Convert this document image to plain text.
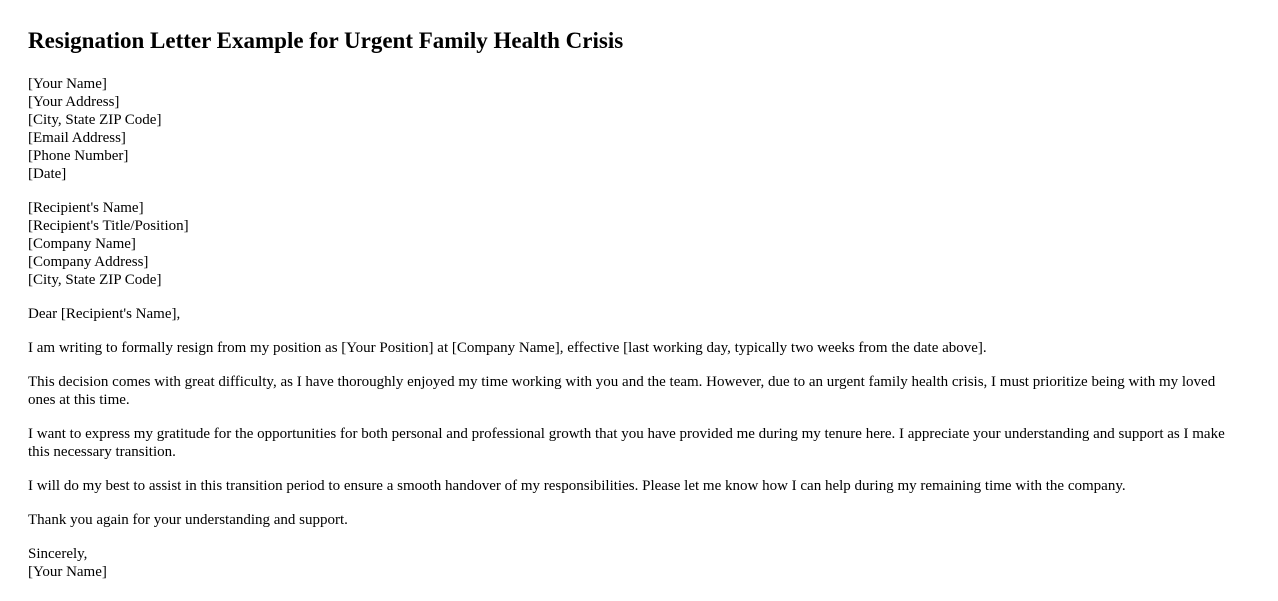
Resignation Letter Example for Urgent Family Health Crisis
[Your Name]
[Your Address]
[City, State ZIP Code]
[Email Address]
[Phone Number]
[Date]
[Recipient's Name]
[Recipient's Title/Position]
[Company Name]
[Company Address]
[City, State ZIP Code]

Dear [Recipient's Name],

I am writing to formally resign from my position as [Your Position] at [Company Name], effective [last working day, typically two weeks from the date above].

This decision comes with great difficulty, as I have thoroughly enjoyed my time working with you and the team. However, due to an urgent family health crisis, I must prioritize being with my loved ones at this time.

I want to express my gratitude for the opportunities for both personal and professional growth that you have provided me during my tenure here. I appreciate your understanding and support as I make this necessary transition.

I will do my best to assist in this transition period to ensure a smooth handover of my responsibilities. Please let me know how I can help during my remaining time with the company.

Thank you again for your understanding and support.

Sincerely,
[Your Name]
